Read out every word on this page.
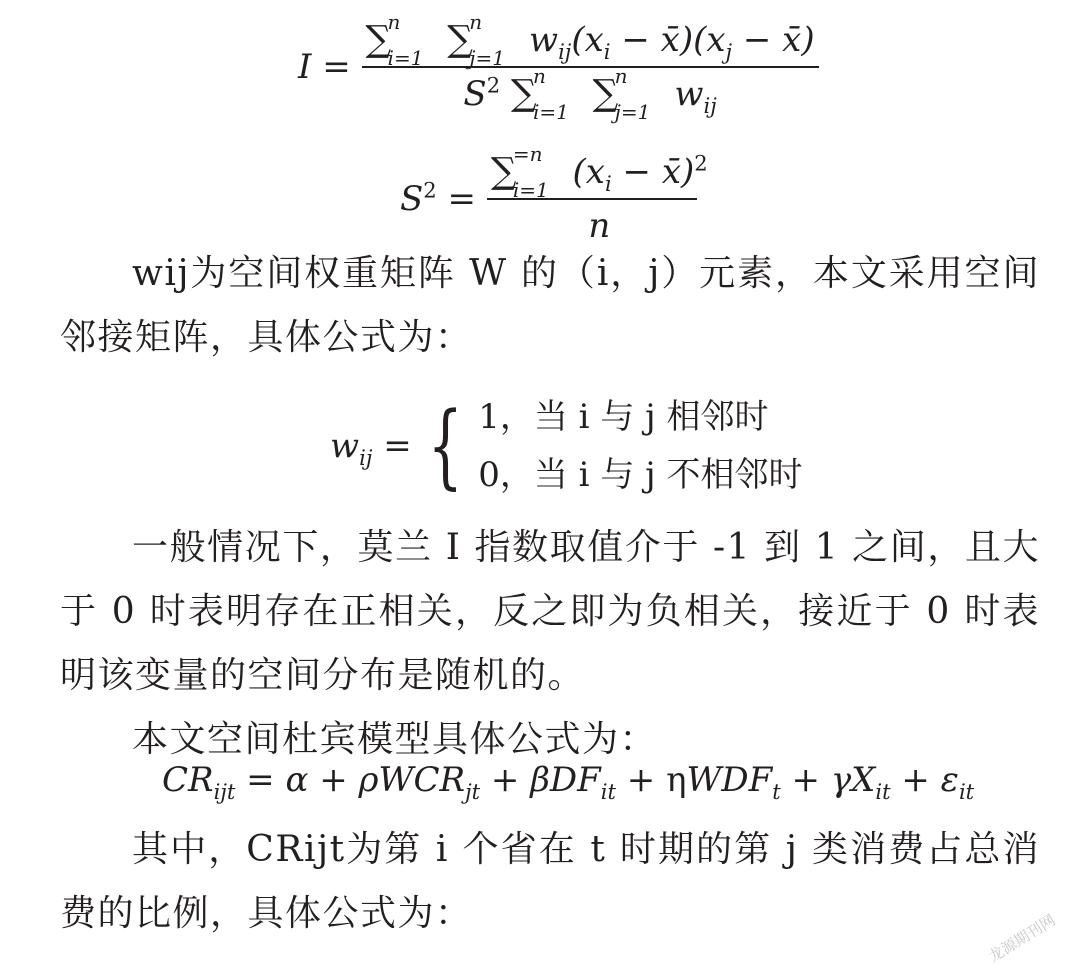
I = ∑
n
i=1 ∑
n
j=1 $w_{ij}(x_i$ − $x̄)(x_j$ − x̄)
$S^2$ ∑
n
i=1 ∑
n
j=1 $w_{ij}$
$S^2$ = ∑
=n
i=1 ($x_i$ − x̄)$^2$
n
wij为空间权重矩阵 W 的（i，j）元素，本文采用空间邻接矩阵，具体公式为：
$w_{ij}$ = { 1，当 i 与 j 相邻时
0，当 i 与 j 不相邻时
一般情况下，莫兰 I 指数取值介于 -1 到 1 之间，且大于 0 时表明存在正相关，反之即为负相关，接近于 0 时表明该变量的空间分布是随机的。
本文空间杜宾模型具体公式为：
$CR_{ijt} = \alpha + \rho WCR_{jt} + \beta DF_{it} + \eta WDF_t + \gamma X_{it} + \varepsilon_{it}$
其中，CRijt为第 i 个省在 t 时期的第 j 类消费占总消费的比例，具体公式为：	龙源期刊网
